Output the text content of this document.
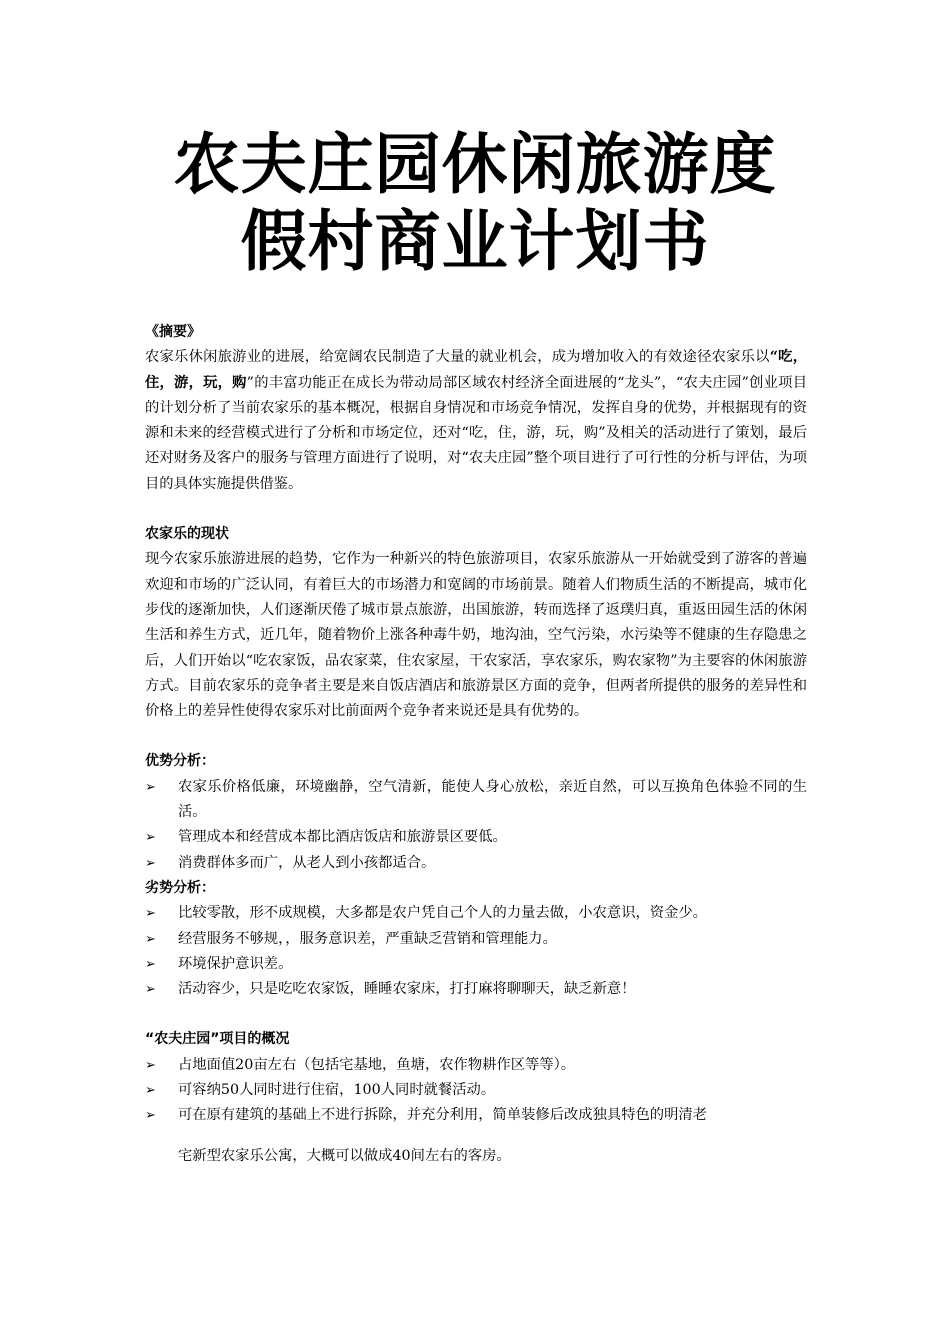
农夫庄园休闲旅游度
假村商业计划书
《摘要》
农家乐休闲旅游业的进展，给宽阔农民制造了大量的就业机会，成为增加收入的有效途径农家乐以“吃，住，游，玩，购”的丰富功能正在成长为带动局部区域农村经济全面进展的“龙头”，“农夫庄园”创业项目的计划分析了当前农家乐的基本概况，根据自身情况和市场竞争情况，发挥自身的优势，并根据现有的资源和未来的经营模式进行了分析和市场定位，还对“吃，住，游，玩，购”及相关的活动进行了策划，最后还对财务及客户的服务与管理方面进行了说明，对“农夫庄园”整个项目进行了可行性的分析与评估，为项目的具体实施提供借鉴。
农家乐的现状
现今农家乐旅游进展的趋势，它作为一种新兴的特色旅游项目，农家乐旅游从一开始就受到了游客的普遍欢迎和市场的广泛认同，有着巨大的市场潜力和宽阔的市场前景。随着人们物质生活的不断提高，城市化步伐的逐渐加快，人们逐渐厌倦了城市景点旅游，出国旅游，转而选择了返璞归真，重返田园生活的休闲生活和养生方式，近几年，随着物价上涨各种毒牛奶，地沟油，空气污染，水污染等不健康的生存隐患之后，人们开始以“吃农家饭，品农家菜，住农家屋，干农家活，享农家乐，购农家物”为主要容的休闲旅游方式。目前农家乐的竞争者主要是来自饭店酒店和旅游景区方面的竞争，但两者所提供的服务的差异性和价格上的差异性使得农家乐对比前面两个竞争者来说还是具有优势的。
优势分析：
➢ 农家乐价格低廉，环境幽静，空气清新，能使人身心放松，亲近自然，可以互换角色体验不同的生活。
➢ 管理成本和经营成本都比酒店饭店和旅游景区要低。
➢ 消费群体多而广，从老人到小孩都适合。
劣势分析：
➢ 比较零散，形不成规模，大多都是农户凭自己个人的力量去做，小农意识，资金少。
➢ 经营服务不够规，，服务意识差，严重缺乏营销和管理能力。
➢ 环境保护意识差。
➢ 活动容少，只是吃吃农家饭，睡睡农家床，打打麻将聊聊天，缺乏新意！
“农夫庄园”项目的概况
➢ 占地面值20亩左右（包括宅基地，鱼塘，农作物耕作区等等）。
➢ 可容纳50人同时进行住宿，100人同时就餐活动。
➢ 可在原有建筑的基础上不进行拆除，并充分利用，简单装修后改成独具特色的明清老
宅新型农家乐公寓，大概可以做成40间左右的客房。
